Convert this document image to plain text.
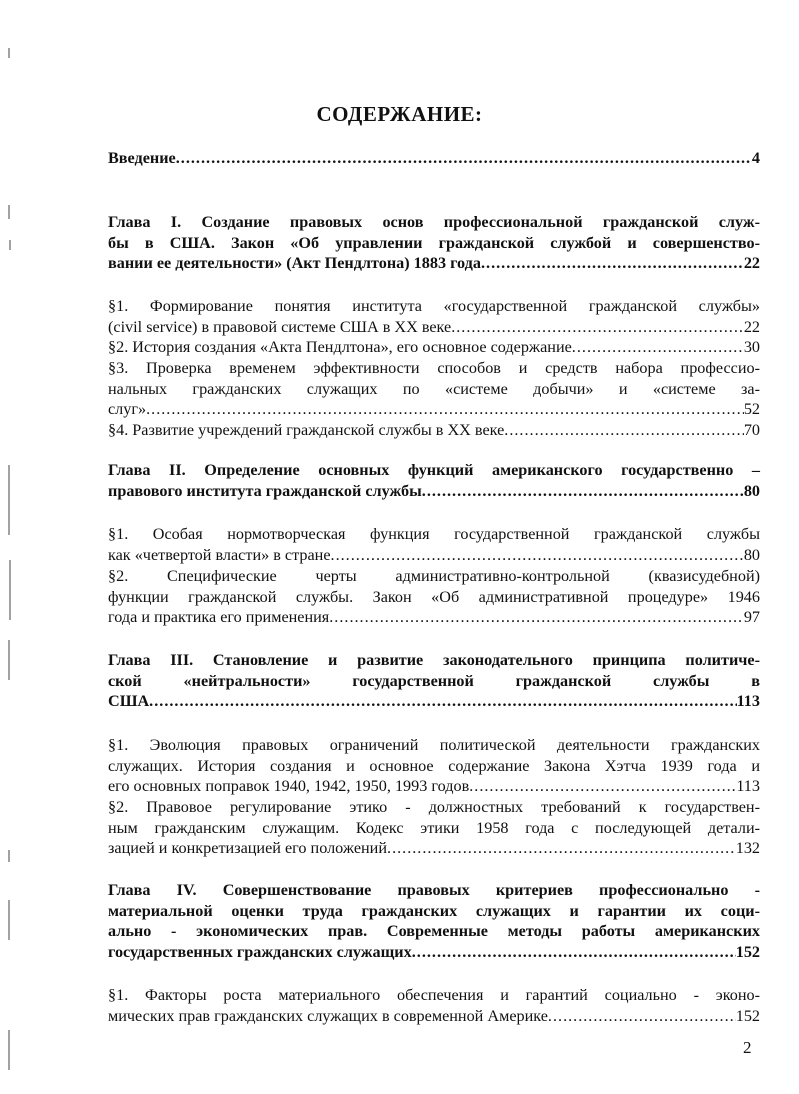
СОДЕРЖАНИЕ:
Введение .....	4
Глава I. Создание правовых основ профессиональной гражданской служ-
бы в США. Закон «Об управлении гражданской службой и совершенство-
вании ее деятельности» (Акт Пендлтона) 1883 года .....	22
§1. Формирование понятия института «государственной гражданской службы»
(civil service) в правовой системе США в XX веке .....	22
§2. История создания «Акта Пендлтона», его основное содержание .....	30
§3. Проверка временем эффективности способов и средств набора профессио-
нальных гражданских служащих по «системе добычи» и «системе за-
слуг» .....	52
§4. Развитие учреждений гражданской службы в XX веке .....	70
Глава II. Определение основных функций американского государственно –
правового института гражданской службы .....	80
§1. Особая нормотворческая функция государственной гражданской службы
как «четвертой власти» в стране .....	80
§2. Специфические черты административно-контрольной (квазисудебной)
функции гражданской службы. Закон «Об административной процедуре» 1946
года и практика его применения .....	97
Глава III. Становление и развитие законодательного принципа политиче-
ской «нейтральности» государственной гражданской службы в
США .....	113
§1. Эволюция правовых ограничений политической деятельности гражданских
служащих. История создания и основное содержание Закона Хэтча 1939 года и
его основных поправок 1940, 1942, 1950, 1993 годов .....	113
§2. Правовое регулирование этико - должностных требований к государствен-
ным гражданским служащим. Кодекс этики 1958 года с последующей детали-
зацией и конкретизацией его положений .....	132
Глава IV. Совершенствование правовых критериев профессионально -
материальной оценки труда гражданских служащих и гарантии их соци-
ально - экономических прав. Современные методы работы американских
государственных гражданских служащих .....	152
§1. Факторы роста материального обеспечения и гарантий социально - эконо-
мических прав гражданских служащих в современной Америке .....	152
2
